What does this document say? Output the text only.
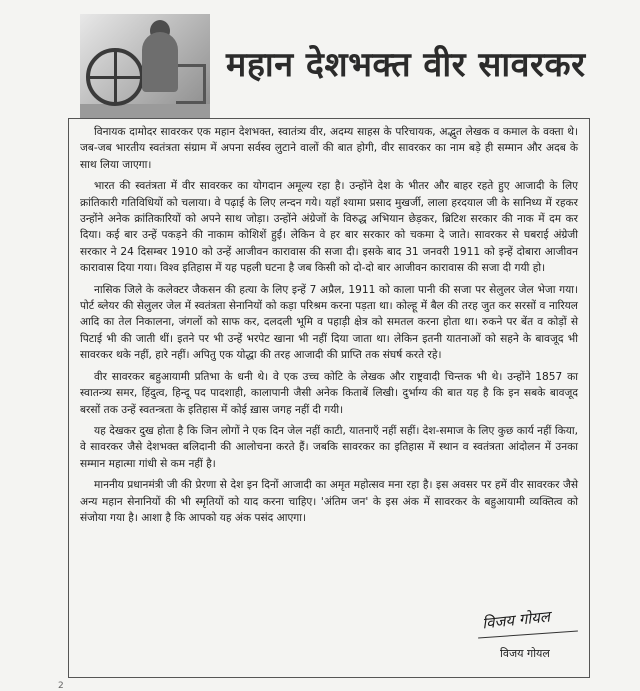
महान देशभक्त वीर सावरकर

विनायक दामोदर सावरकर एक महान देशभक्त, स्वातंत्र्य वीर, अदम्य साहस के परिचायक, अद्भुत लेखक व कमाल के वक्ता थे। जब-जब भारतीय स्वतंत्रता संग्राम में अपना सर्वस्व लुटाने वालों की बात होगी, वीर सावरकर का नाम बड़े ही सम्मान और अदब के साथ लिया जाएगा।

भारत की स्वतंत्रता में वीर सावरकर का योगदान अमूल्य रहा है। उन्होंने देश के भीतर और बाहर रहते हुए आजादी के लिए क्रांतिकारी गतिविधियों को चलाया। वे पढ़ाई के लिए लन्दन गये। यहाँ श्यामा प्रसाद मुखर्जी, लाला हरदयाल जी के सानिध्य में रहकर उन्होंने अनेक क्रांतिकारियों को अपने साथ जोड़ा। उन्होंने अंग्रेजों के विरुद्ध अभियान छेड़कर, ब्रिटिश सरकार की नाक में दम कर दिया। कई बार उन्हें पकड़ने की नाकाम कोशिशें हुईं। लेकिन वे हर बार सरकार को चकमा दे जाते। सावरकर से घबराई अंग्रेजी सरकार ने 24 दिसम्बर 1910 को उन्हें आजीवन कारावास की सजा दी। इसके बाद 31 जनवरी 1911 को इन्हें दोबारा आजीवन कारावास दिया गया। विश्व इतिहास में यह पहली घटना है जब किसी को दो-दो बार आजीवन कारावास की सजा दी गयी हो।

नासिक जिले के कलेक्टर जैकसन की हत्या के लिए इन्हें 7 अप्रैल, 1911 को काला पानी की सजा पर सेलुलर जेल भेजा गया। पोर्ट ब्लेयर की सेलुलर जेल में स्वतंत्रता सेनानियों को कड़ा परिश्रम करना पड़ता था। कोल्हू में बैल की तरह जुत कर सरसों व नारियल आदि का तेल निकालना, जंगलों को साफ कर, दलदली भूमि व पहाड़ी क्षेत्र को समतल करना होता था। रुकने पर बेंत व कोड़ों से पिटाई भी की जाती थीं। इतने पर भी उन्हें भरपेट खाना भी नहीं दिया जाता था। लेकिन इतनी यातनाओं को सहने के बावजूद भी सावरकर थके नहीं, हारे नहीं। अपितु एक योद्धा की तरह आजादी की प्राप्ति तक संघर्ष करते रहे।

वीर सावरकर बहुआयामी प्रतिभा के धनी थे। वे एक उच्च कोटि के लेखक और राष्ट्रवादी चिन्तक भी थे। उन्होंने 1857 का स्वातन्त्र्य समर, हिंदुत्व, हिन्दू पद पादशाही, कालापानी जैसी अनेक किताबें लिखी। दुर्भाग्य की बात यह है कि इन सबके बावजूद बरसों तक उन्हें स्वतन्त्रता के इतिहास में कोई ख़ास जगह नहीं दी गयी।

यह देखकर दुख होता है कि जिन लोगों ने एक दिन जेल नहीं काटी, यातनाएँ नहीं सहीं। देश-समाज के लिए कुछ कार्य नहीं किया, वे सावरकर जैसे देशभक्त बलिदानी की आलोचना करते हैं। जबकि सावरकर का इतिहास में स्थान व स्वतंत्रता आंदोलन में उनका सम्मान महात्मा गांधी से कम नहीं है।

माननीय प्रधानमंत्री जी की प्रेरणा से देश इन दिनों आजादी का अमृत महोत्सव मना रहा है। इस अवसर पर हमें वीर सावरकर जैसे अन्य महान सेनानियों की भी स्मृतियों को याद करना चाहिए। 'अंतिम जन' के इस अंक में सावरकर के बहुआयामी व्यक्तित्व को संजोया गया है। आशा है कि आपको यह अंक पसंद आएगा।

विजय गोयल
विजय गोयल
2
